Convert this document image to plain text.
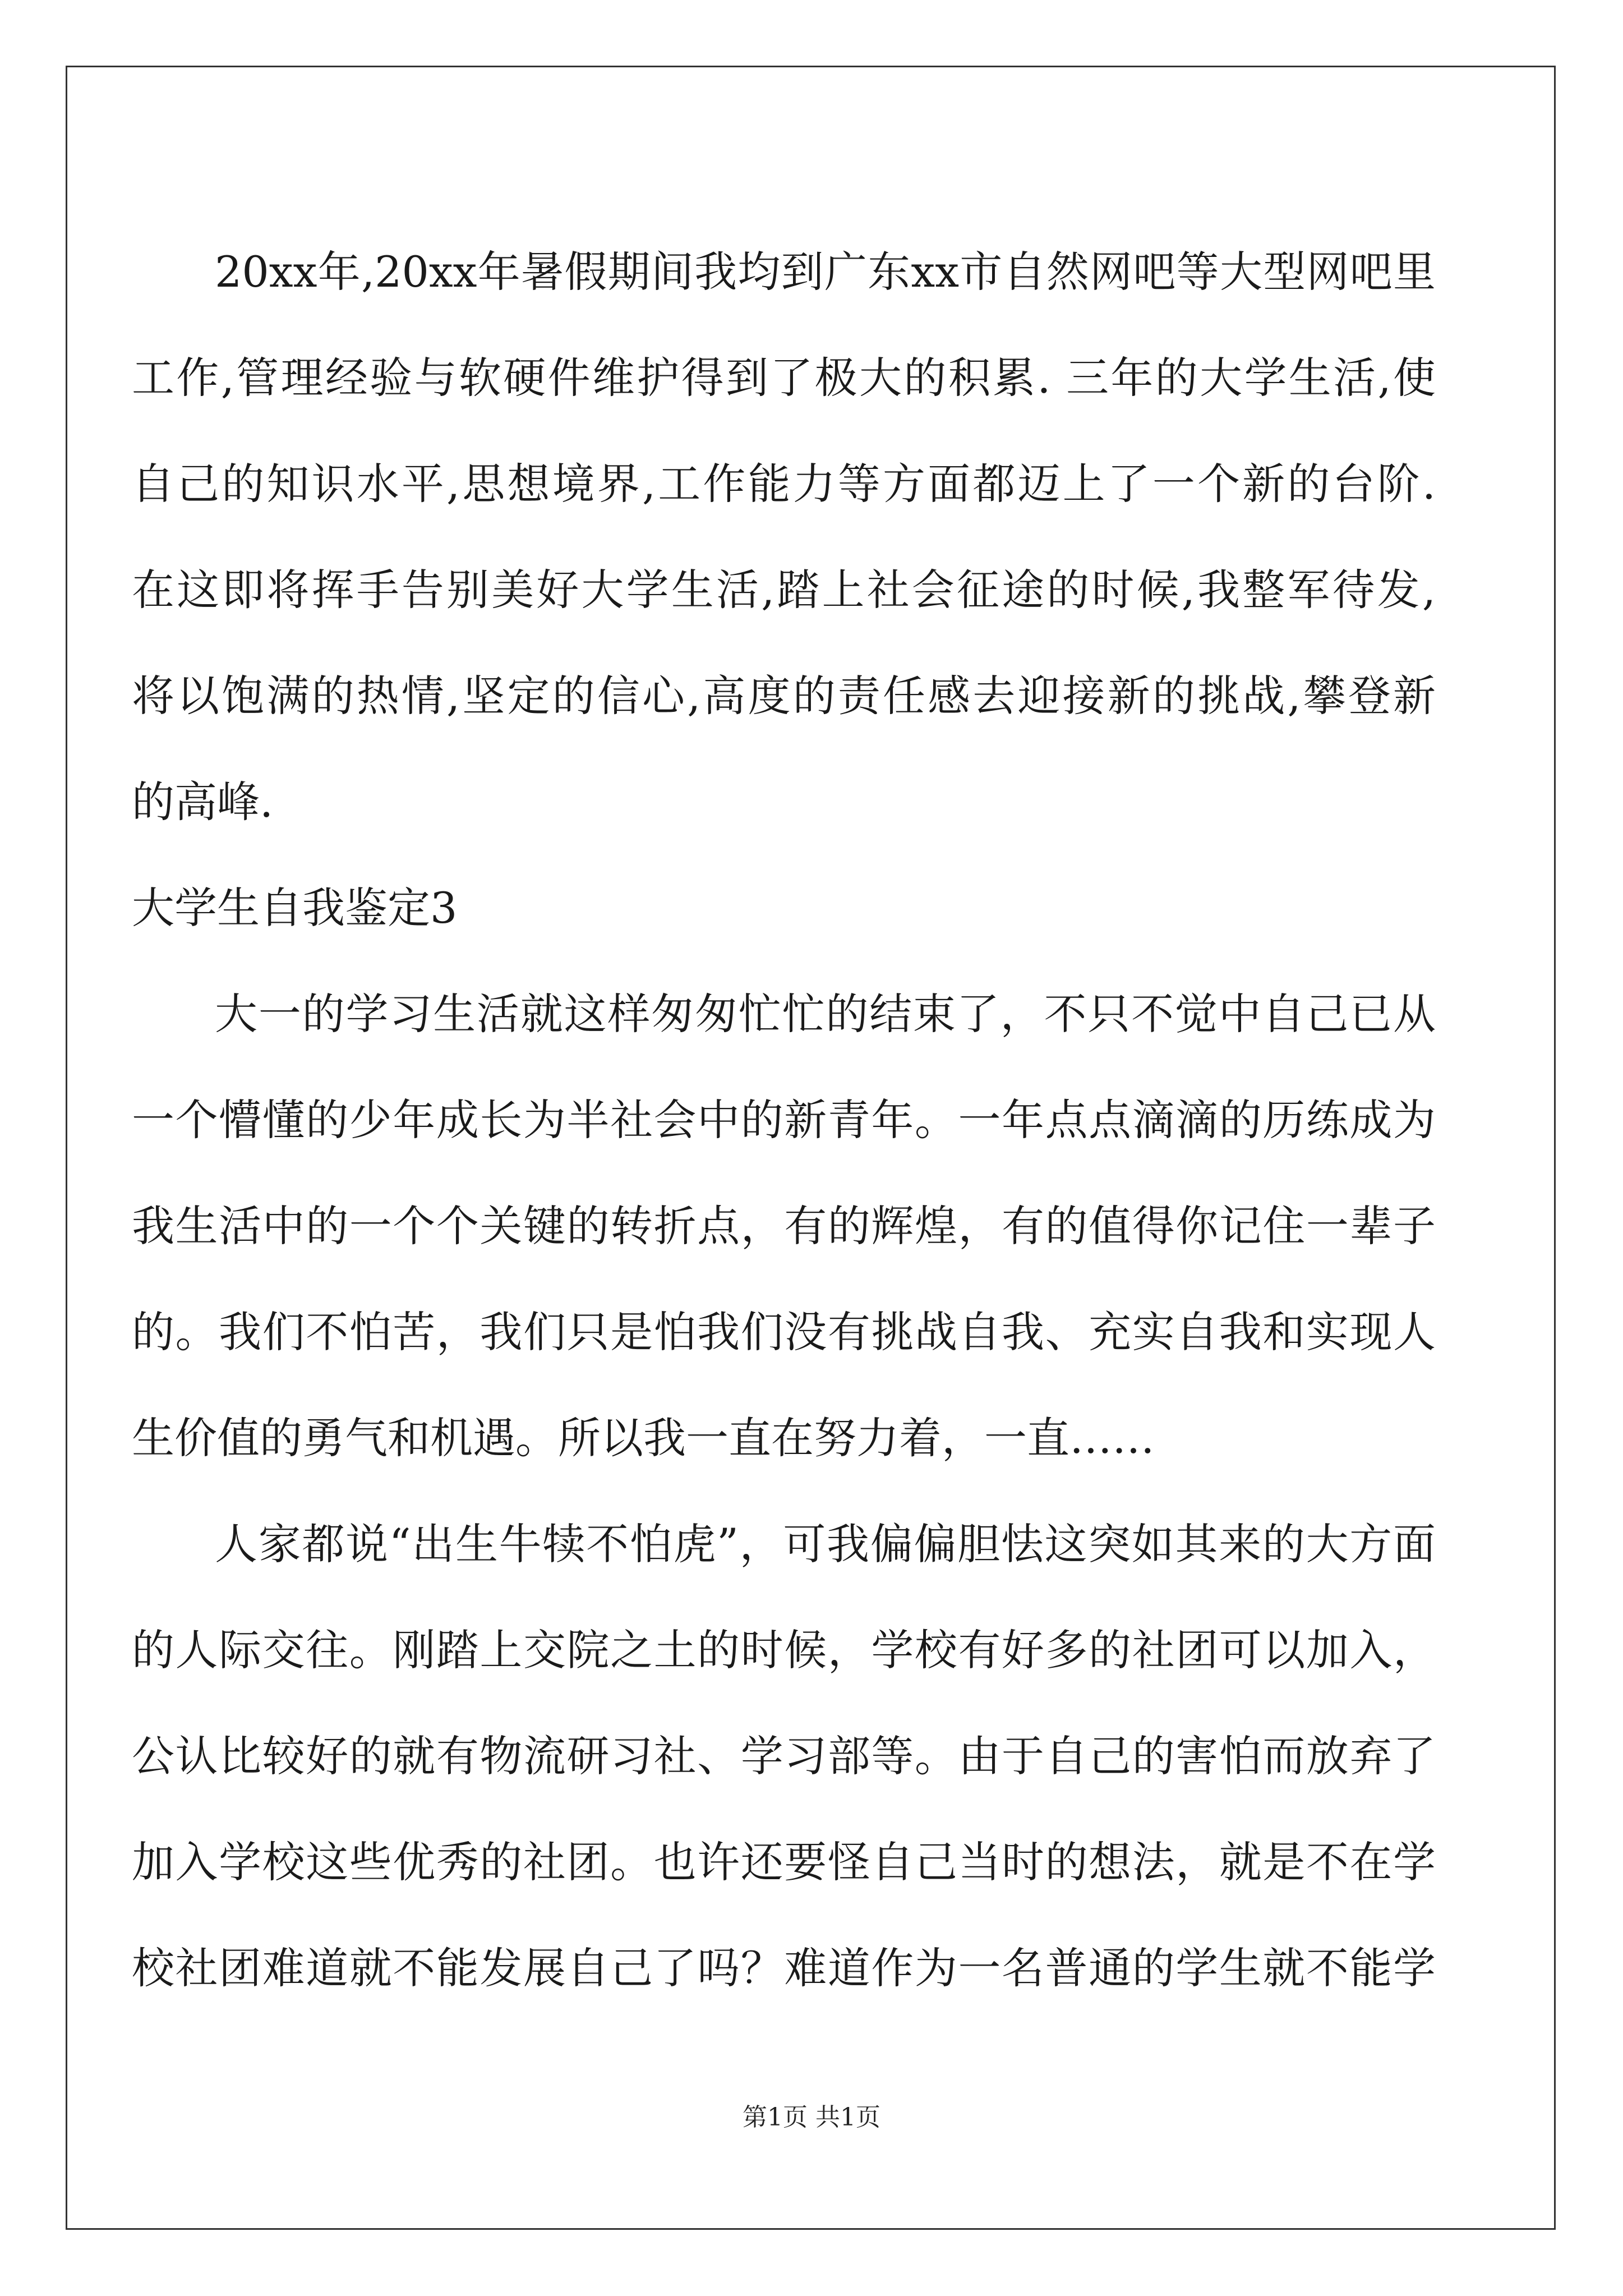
20xx年,20xx年暑假期间我均到广东xx市自然网吧等大型网吧里
工作,管理经验与软硬件维护得到了极大的积累. 三年的大学生活,使
自己的知识水平,思想境界,工作能力等方面都迈上了一个新的台阶.
在这即将挥手告别美好大学生活,踏上社会征途的时候,我整军待发,
将以饱满的热情,坚定的信心,高度的责任感去迎接新的挑战,攀登新
的高峰.
大学生自我鉴定3
大一的学习生活就这样匆匆忙忙的结束了，不只不觉中自己已从
一个懵懂的少年成长为半社会中的新青年。一年点点滴滴的历练成为
我生活中的一个个关键的转折点，有的辉煌，有的值得你记住一辈子
的。我们不怕苦，我们只是怕我们没有挑战自我、充实自我和实现人
生价值的勇气和机遇。所以我一直在努力着，一直……
人家都说“出生牛犊不怕虎”，可我偏偏胆怯这突如其来的大方面
的人际交往。刚踏上交院之土的时候，学校有好多的社团可以加入，
公认比较好的就有物流研习社、学习部等。由于自己的害怕而放弃了
加入学校这些优秀的社团。也许还要怪自己当时的想法，就是不在学
校社团难道就不能发展自己了吗？难道作为一名普通的学生就不能学
第1页 共1页
